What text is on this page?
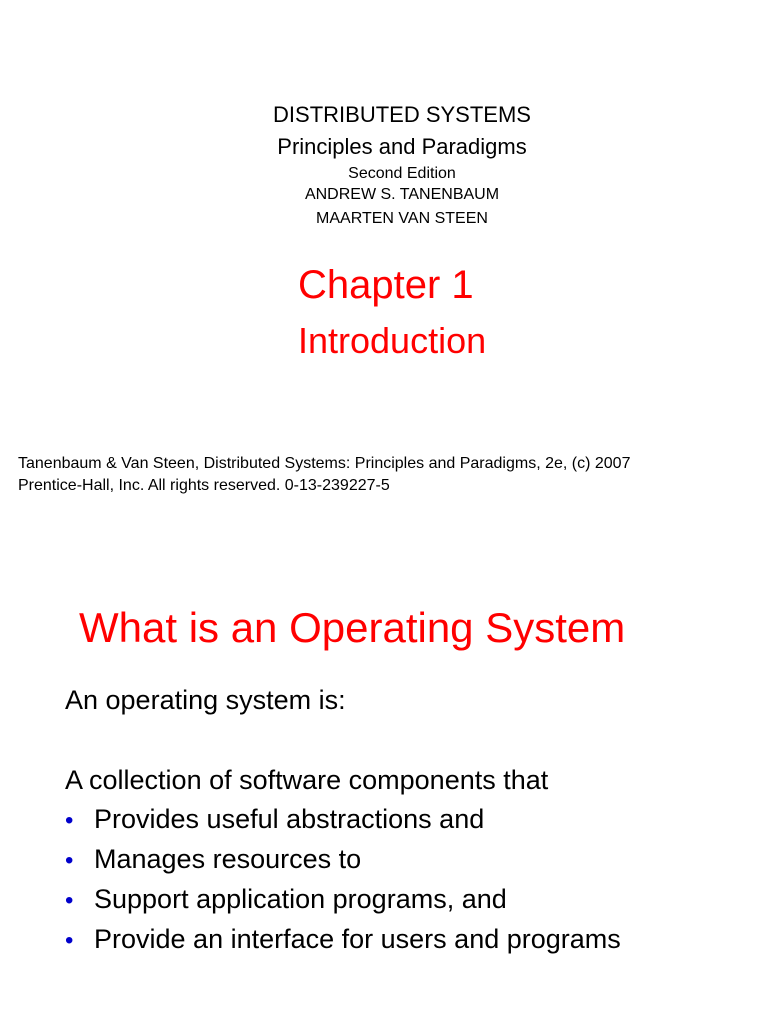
DISTRIBUTED SYSTEMS
Principles and Paradigms
Second Edition
ANDREW S. TANENBAUM
MAARTEN VAN STEEN
Chapter 1
Introduction
Tanenbaum & Van Steen, Distributed Systems: Principles and Paradigms, 2e, (c) 2007
Prentice-Hall, Inc. All rights reserved. 0-13-239227-5
What is an Operating System
An operating system is:
A collection of software components that
• Provides useful abstractions and
• Manages resources to
• Support application programs, and
• Provide an interface for users and programs
